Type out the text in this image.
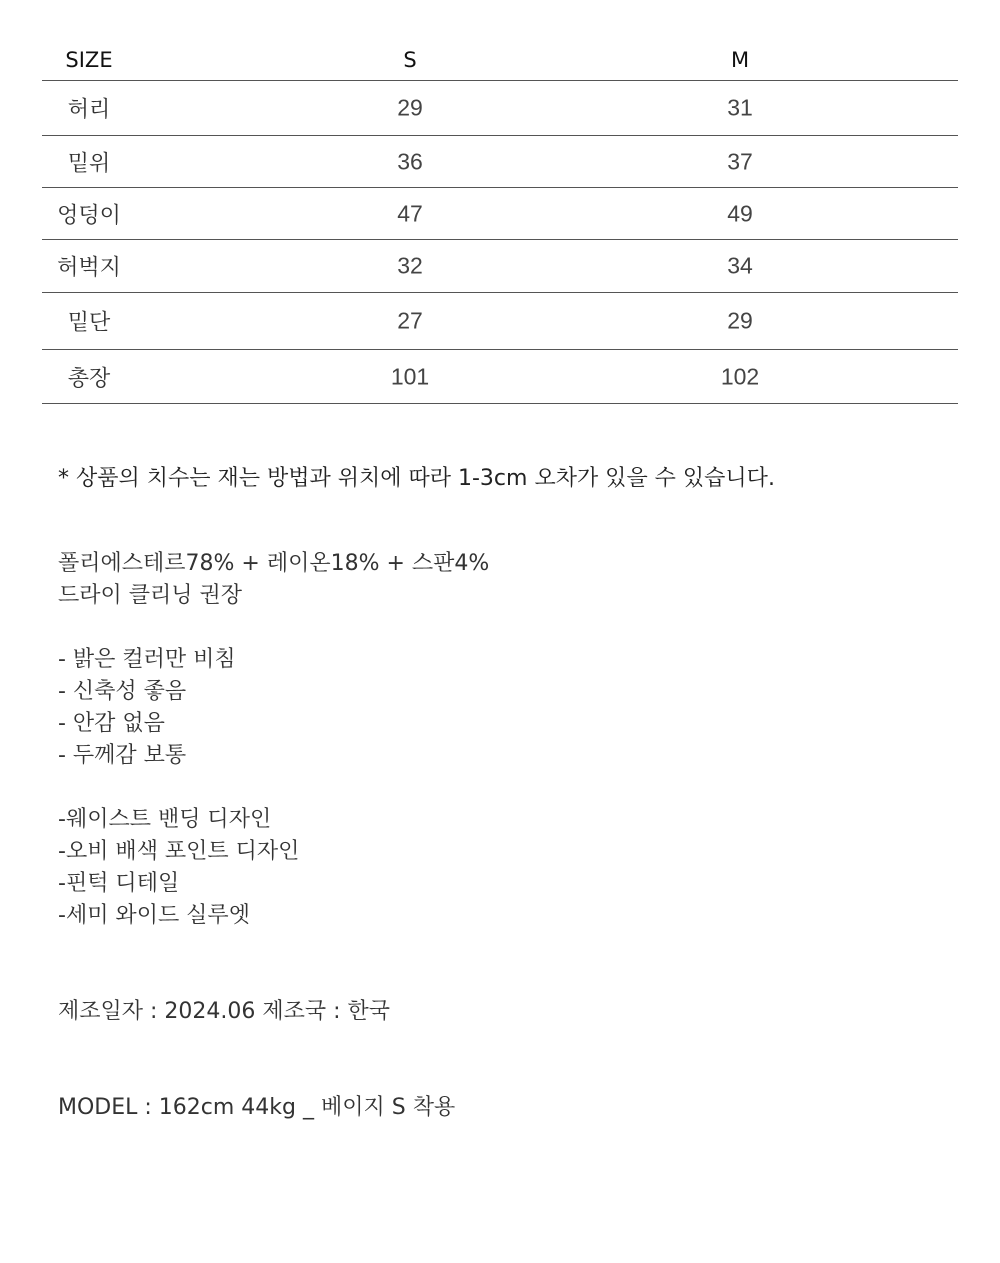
SIZE	S	M
허리	29	31
밑위	36	37
엉덩이	47	49
허벅지	32	34
밑단	27	29
총장	101	102
* 상품의 치수는 재는 방법과 위치에 따라 1-3cm 오차가 있을 수 있습니다.
폴리에스테르78% + 레이온18% + 스판4%
드라이 클리닝 권장
- 밝은 컬러만 비침
- 신축성 좋음
- 안감 없음
- 두께감 보통
-웨이스트 밴딩 디자인
-오비 배색 포인트 디자인
-핀턱 디테일
-세미 와이드 실루엣
제조일자 : 2024.06 제조국 : 한국
MODEL : 162cm 44kg _ 베이지 S 착용
